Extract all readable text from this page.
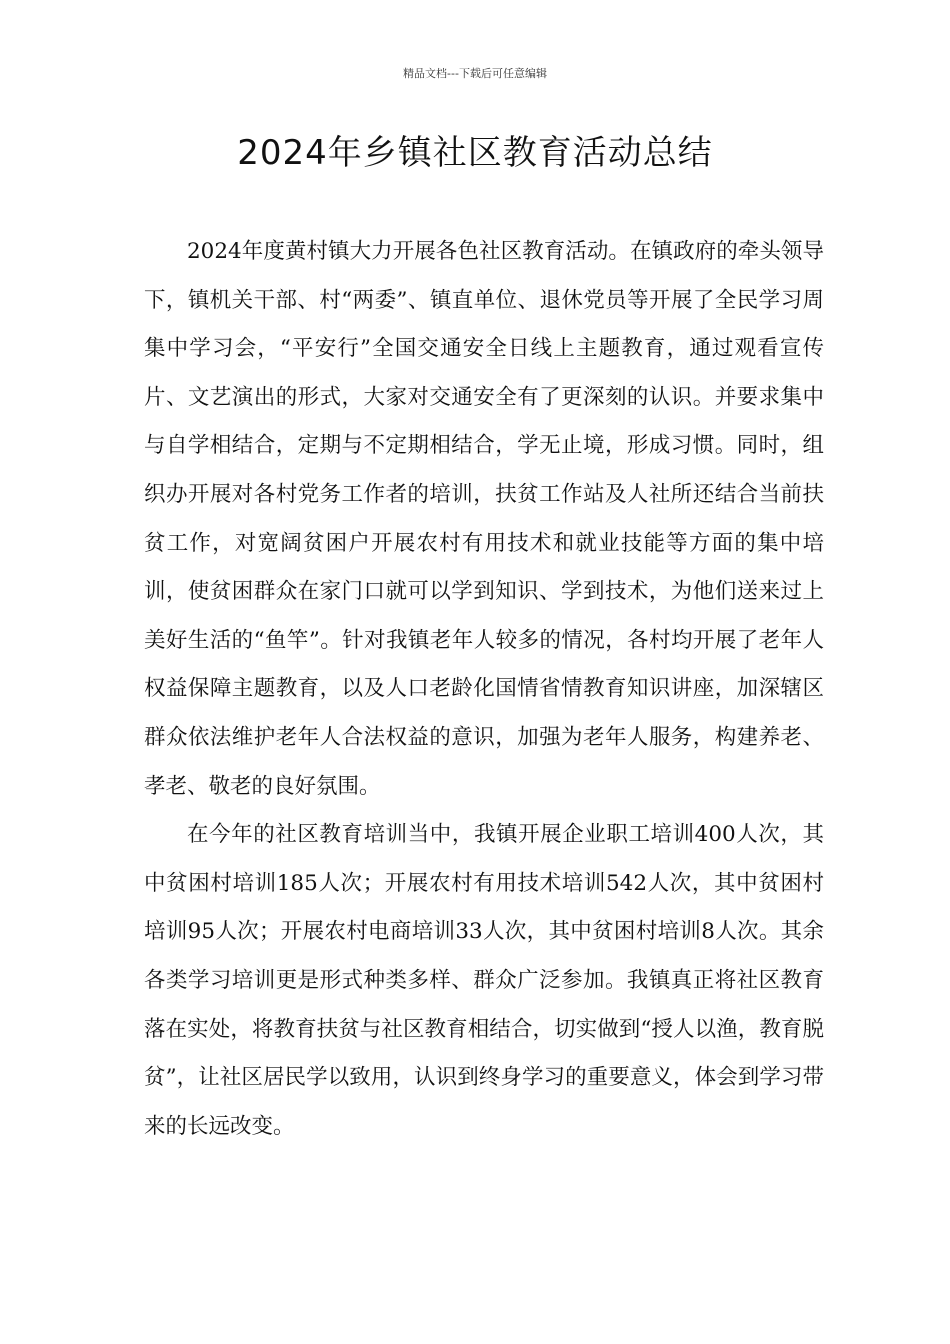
精品文档---下载后可任意编辑
2024年乡镇社区教育活动总结

2024年度黄村镇大力开展各色社区教育活动。在镇政府的牵头领导下，镇机关干部、村“两委”、镇直单位、退休党员等开展了全民学习周集中学习会，“平安行”全国交通安全日线上主题教育，通过观看宣传片、文艺演出的形式，大家对交通安全有了更深刻的认识。并要求集中与自学相结合，定期与不定期相结合，学无止境，形成习惯。同时，组织办开展对各村党务工作者的培训，扶贫工作站及人社所还结合当前扶贫工作，对宽阔贫困户开展农村有用技术和就业技能等方面的集中培训，使贫困群众在家门口就可以学到知识、学到技术，为他们送来过上美好生活的“鱼竿”。针对我镇老年人较多的情况，各村均开展了老年人权益保障主题教育，以及人口老龄化国情省情教育知识讲座，加深辖区群众依法维护老年人合法权益的意识，加强为老年人服务，构建养老、孝老、敬老的良好氛围。

在今年的社区教育培训当中，我镇开展企业职工培训400人次，其中贫困村培训185人次；开展农村有用技术培训542人次，其中贫困村培训95人次；开展农村电商培训33人次，其中贫困村培训8人次。其余各类学习培训更是形式种类多样、群众广泛参加。我镇真正将社区教育落在实处，将教育扶贫与社区教育相结合，切实做到“授人以渔，教育脱贫”，让社区居民学以致用，认识到终身学习的重要意义，体会到学习带来的长远改变。
